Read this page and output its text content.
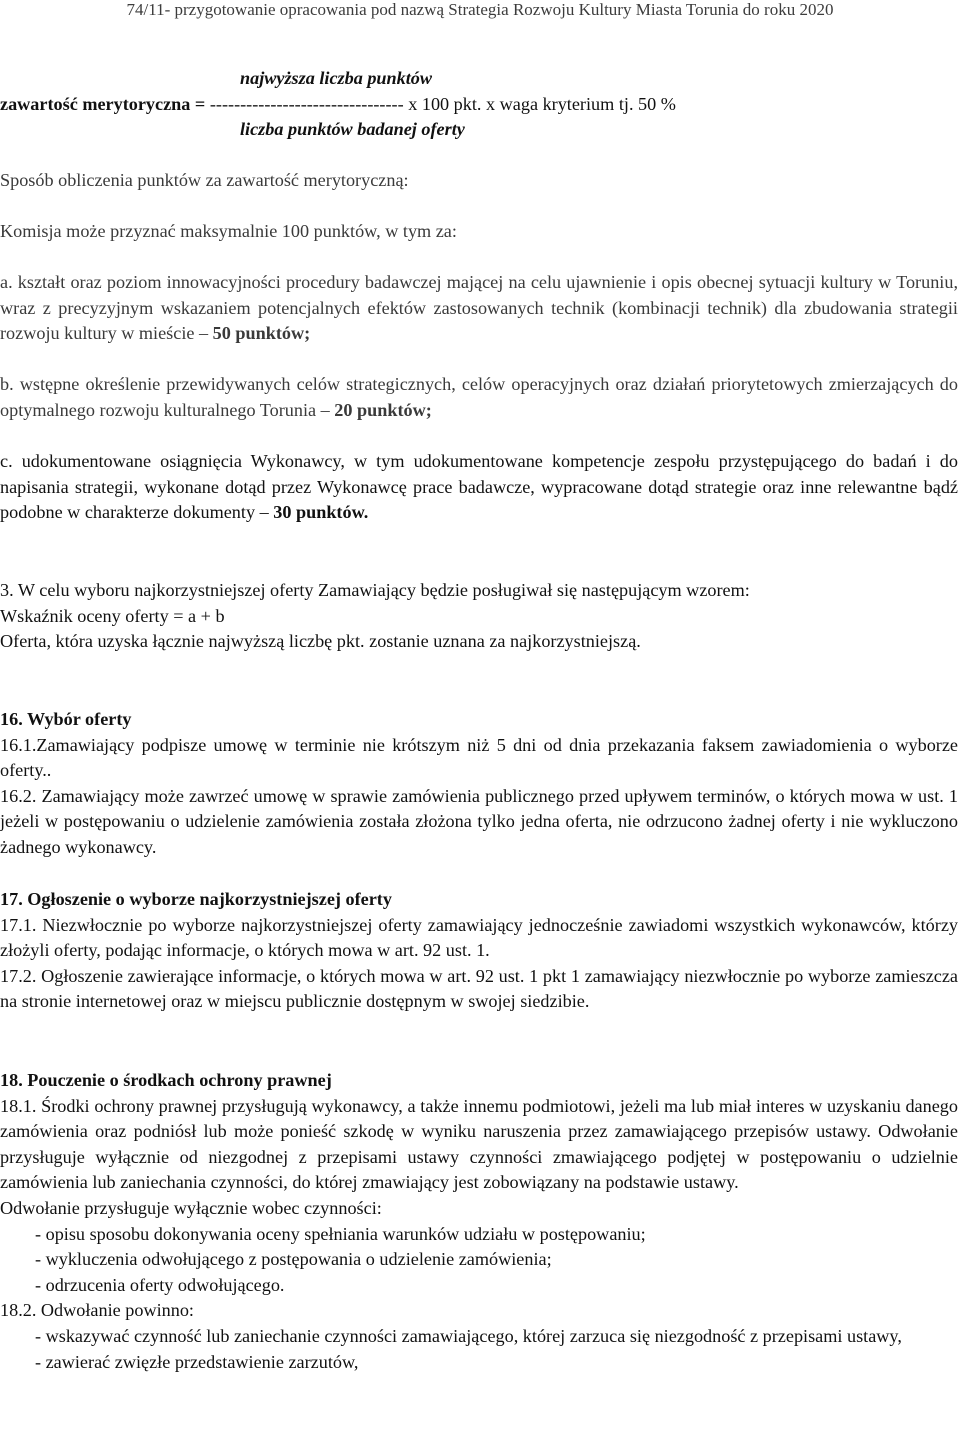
74/11- przygotowanie opracowania pod nazwą Strategia Rozwoju Kultury Miasta Torunia do roku 2020
najwyższa liczba punktów
zawartość merytoryczna = -------------------------------- x 100 pkt. x waga kryterium tj. 50 %
liczba punktów badanej oferty
Sposób obliczenia punktów za zawartość merytoryczną:
Komisja może przyznać maksymalnie 100 punktów, w tym za:

a. kształt oraz poziom innowacyjności procedury badawczej mającej na celu ujawnienie i opis obecnej sytuacji kultury w Toruniu, wraz z precyzyjnym wskazaniem potencjalnych efektów zastosowanych technik (kombinacji technik) dla zbudowania strategii rozwoju kultury w mieście – 50 punktów;

b. wstępne określenie przewidywanych celów strategicznych, celów operacyjnych oraz działań priorytetowych zmierzających do optymalnego rozwoju kulturalnego Torunia – 20 punktów;

c. udokumentowane osiągnięcia Wykonawcy, w tym udokumentowane kompetencje zespołu przystępującego do badań i do napisania strategii, wykonane dotąd przez Wykonawcę prace badawcze, wypracowane dotąd strategie oraz inne relewantne bądź podobne w charakterze dokumenty – 30 punktów.

3. W celu wyboru najkorzystniejszej oferty Zamawiający będzie posługiwał się następującym wzorem:
Wskaźnik oceny oferty = a + b
Oferta, która uzyska łącznie najwyższą liczbę pkt. zostanie uznana za najkorzystniejszą.
16. Wybór oferty

16.1.Zamawiający podpisze umowę w terminie nie krótszym niż 5 dni od dnia przekazania faksem zawiadomienia o wyborze oferty..

16.2. Zamawiający może zawrzeć umowę w sprawie zamówienia publicznego przed upływem terminów, o których mowa w ust. 1 jeżeli w postępowaniu o udzielenie zamówienia została złożona tylko jedna oferta, nie odrzucono żadnej oferty i nie wykluczono żadnego wykonawcy.

17. Ogłoszenie o wyborze najkorzystniejszej oferty

17.1. Niezwłocznie po wyborze najkorzystniejszej oferty zamawiający jednocześnie zawiadomi wszystkich wykonawców, którzy złożyli oferty, podając informacje, o których mowa w art. 92 ust. 1.

17.2. Ogłoszenie zawierające informacje, o których mowa w art. 92 ust. 1 pkt 1 zamawiający niezwłocznie po wyborze zamieszcza na stronie internetowej oraz w miejscu publicznie dostępnym w swojej siedzibie.

18. Pouczenie o środkach ochrony prawnej

18.1. Środki ochrony prawnej przysługują wykonawcy, a także innemu podmiotowi, jeżeli ma lub miał interes w uzyskaniu danego zamówienia oraz podniósł lub może ponieść szkodę w wyniku naruszenia przez zamawiającego przepisów ustawy. Odwołanie przysługuje wyłącznie od niezgodnej z przepisami ustawy czynności zmawiającego podjętej w postępowaniu o udzielnie zamówienia lub zaniechania czynności, do której zmawiający jest zobowiązany na podstawie ustawy.

Odwołanie przysługuje wyłącznie wobec czynności:
- opisu sposobu dokonywania oceny spełniania warunków udziału w postępowaniu;
- wykluczenia odwołującego z postępowania o udzielenie zamówienia;
- odrzucenia oferty odwołującego.
18.2. Odwołanie powinno:

- wskazywać czynność lub zaniechanie czynności zamawiającego, której zarzuca się niezgodność z przepisami ustawy,

- zawierać zwięzłe przedstawienie zarzutów,
